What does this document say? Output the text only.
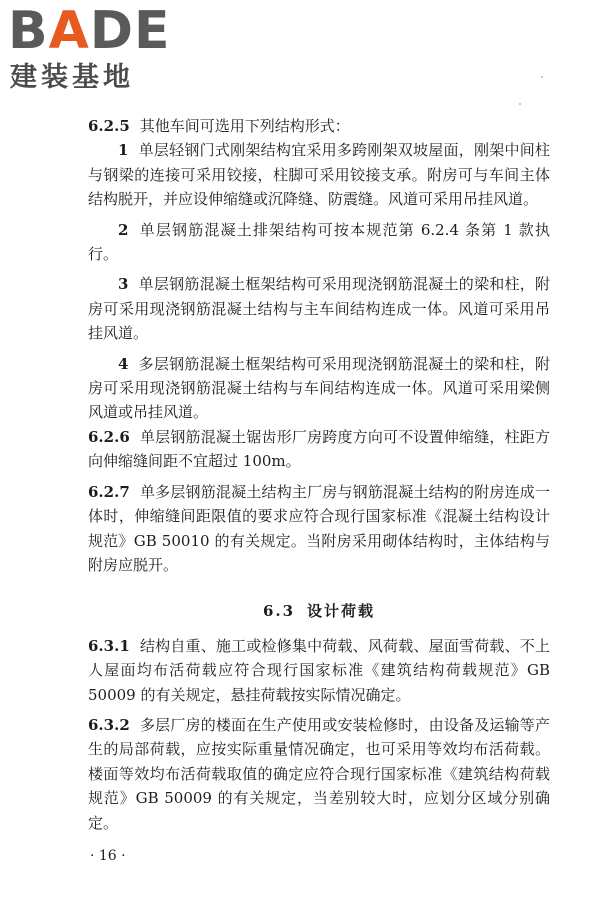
BADE
建装基地

6.2.5 其他车间可选用下列结构形式：

1 单层轻钢门式刚架结构宜采用多跨刚架双坡屋面，刚架中间柱与钢梁的连接可采用铰接，柱脚可采用铰接支承。附房可与车间主体结构脱开，并应设伸缩缝或沉降缝、防震缝。风道可采用吊挂风道。

2 单层钢筋混凝土排架结构可按本规范第 6.2.4 条第 1 款执行。

3 单层钢筋混凝土框架结构可采用现浇钢筋混凝土的梁和柱，附房可采用现浇钢筋混凝土结构与主车间结构连成一体。风道可采用吊挂风道。

4 多层钢筋混凝土框架结构可采用现浇钢筋混凝土的梁和柱，附房可采用现浇钢筋混凝土结构与车间结构连成一体。风道可采用梁侧风道或吊挂风道。

6.2.6 单层钢筋混凝土锯齿形厂房跨度方向可不设置伸缩缝，柱距方向伸缩缝间距不宜超过 100m。

6.2.7 单多层钢筋混凝土结构主厂房与钢筋混凝土结构的附房连成一体时，伸缩缝间距限值的要求应符合现行国家标准《混凝土结构设计规范》GB 50010 的有关规定。当附房采用砌体结构时，主体结构与附房应脱开。

6.3 设计荷载

6.3.1 结构自重、施工或检修集中荷载、风荷载、屋面雪荷载、不上人屋面均布活荷载应符合现行国家标准《建筑结构荷载规范》GB 50009 的有关规定，悬挂荷载按实际情况确定。

6.3.2 多层厂房的楼面在生产使用或安装检修时，由设备及运输等产生的局部荷载，应按实际重量情况确定，也可采用等效均布活荷载。楼面等效均布活荷载取值的确定应符合现行国家标准《建筑结构荷载规范》GB 50009 的有关规定，当差别较大时，应划分区域分别确定。

· 16 ·
